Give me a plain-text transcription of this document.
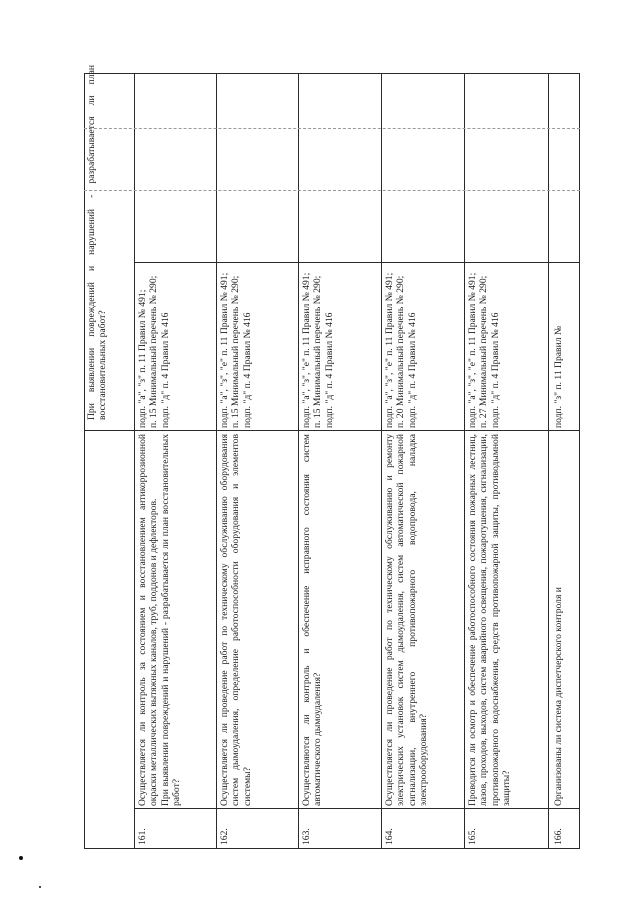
При выявлении повреждений и нарушений - разрабатывается ли план восстановительных работ?
161.
Осуществляется ли контроль за состоянием и восстановлением антикоррозионной окраски металлических вытяжных каналов, труб, поддонов и дефлекторов.
При выявлении повреждений и нарушений - разрабатывается ли план восстановительных работ?
подп. "а", "з" п. 11 Правил № 491;
п. 15 Минимальный перечень № 290;
подп. "д" п. 4 Правил № 416
162.
Осуществляется ли проведение работ по техническому обслуживанию оборудования систем дымоудаления, определение работоспособности оборудования и элементов системы?
подп. "а", "з", "е" п. 11 Правил № 491;
п. 15 Минимальный перечень № 290;
подп. "д" п. 4 Правил № 416
163.
Осуществляются ли контроль и обеспечение исправного состояния систем автоматического дымоудаления?
подп. "а", "з", "е" п. 11 Правил № 491;
п. 15 Минимальный перечень № 290;
подп. "д" п. 4 Правил № 416
164.
Осуществляется ли проведение работ по техническому обслуживанию и ремонту электрических установок систем дымоудаления, систем автоматической пожарной сигнализации, внутреннего противопожарного водопровода, наладка электрооборудования?
подп. "а", "з", "е" п. 11 Правил № 491;
п. 20 Минимальный перечень № 290;
подп. "д" п. 4 Правил № 416
165.
Проводится ли осмотр и обеспечение работоспособного состояния пожарных лестниц, лазов, проходов, выходов, систем аварийного освещения, пожаротушения, сигнализации, противопожарного водоснабжения, средств противопожарной защиты, противодымной защиты?
подп. "а", "з", "е" п. 11 Правил № 491;
п. 27 Минимальный перечень № 290;
подп. "д" п. 4 Правил № 416
166.
Организованы ли система диспетчерского контроля и
подп. "з" п. 11 Правил №
